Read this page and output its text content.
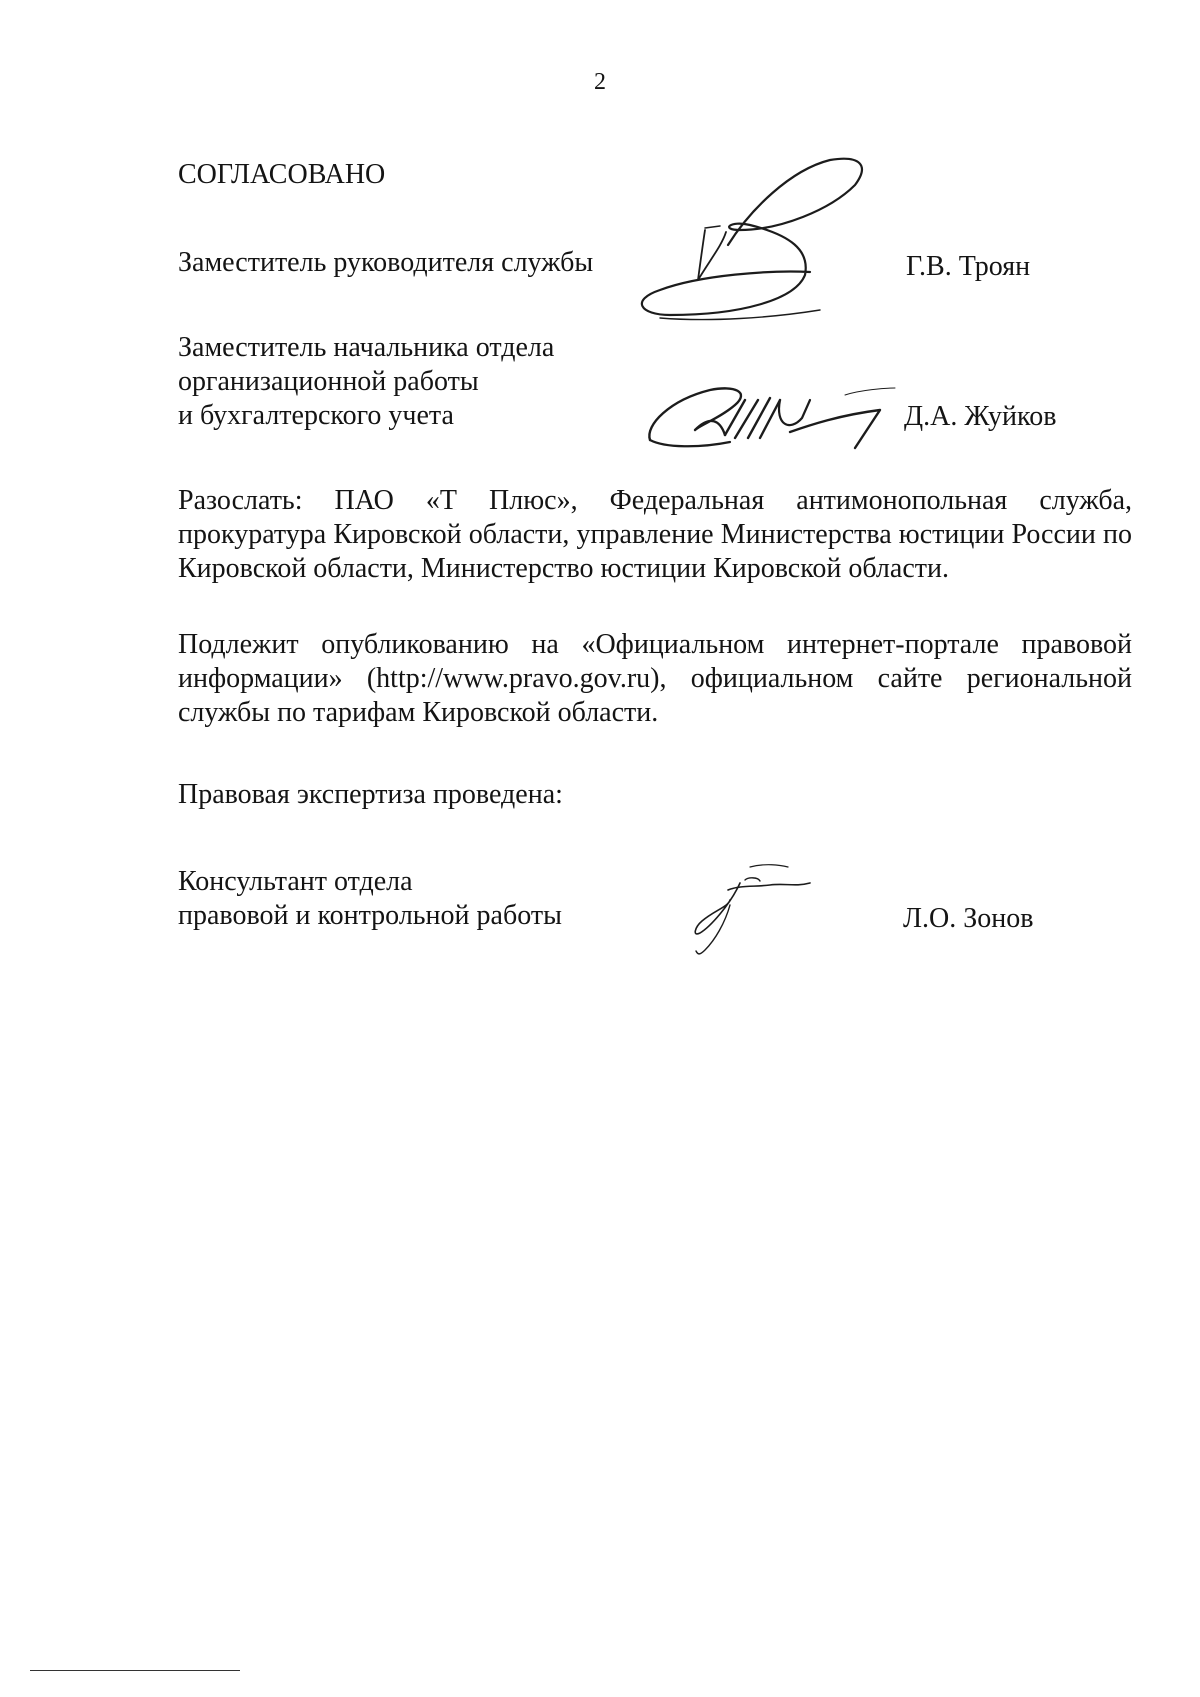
2
СОГЛАСОВАНО
Заместитель руководителя службы	Г.В. Троян
Заместитель начальника отдела
организационной работы
и бухгалтерского учета	Д.А. Жуйков
Разослать: ПАО «Т Плюс», Федеральная антимонопольная служба, прокуратура Кировской области, управление Министерства юстиции России по Кировской области, Министерство юстиции Кировской области.
Подлежит опубликованию на «Официальном интернет-портале правовой информации» (http://www.pravo.gov.ru), официальном сайте региональной службы по тарифам Кировской области.
Правовая экспертиза проведена:
Консультант отдела
правовой и контрольной работы	Л.О. Зонов
